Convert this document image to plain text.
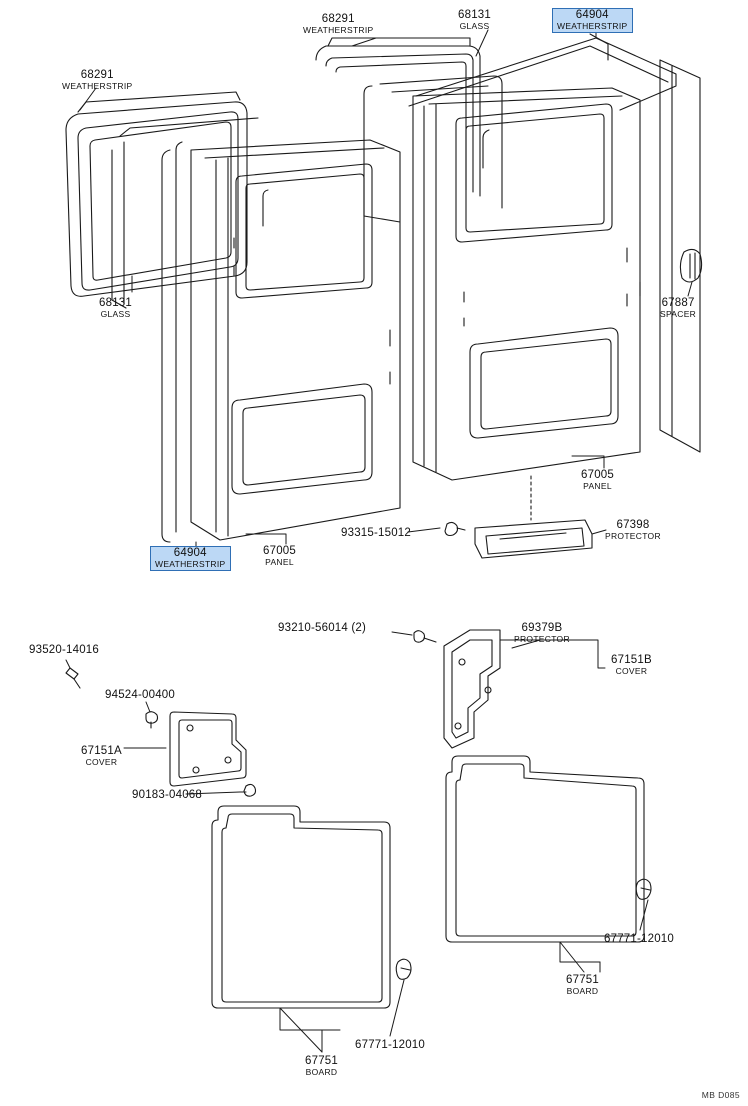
68291
WEATHERSTRIP
68291
WEATHERSTRIP
68131
GLASS
64904
WEATHERSTRIP
68131
GLASS
67887
SPACER
67005
PANEL
93315-15012
67398
PROTECTOR
64904
WEATHERSTRIP
67005
PANEL
93210-56014 (2)	69379B
PROTECTOR
67151B
COVER
93520-14016
94524-00400
67151A
COVER
90183-04068
67771-12010
67751
BOARD
67771-12010
67751
BOARD
MB D085
